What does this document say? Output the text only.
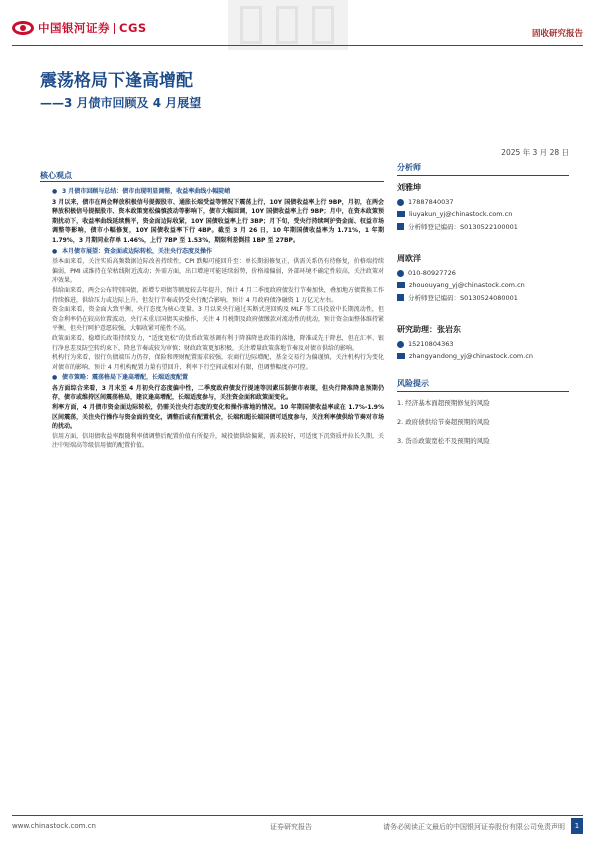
中国银河证券 CGS	固收研究报告
震荡格局下逢高增配
——3 月债市回顾及 4 月展望
2025 年 3 月 28 日
核心观点
● 3 月债市回顾与总结：债市由现明显调整，收益率曲线小幅陡峭

3 月以来，债市在两会释放积极信号提振股市、通胀长端受益等情况下震荡上行，10Y 国债收益率上行 9BP，月初，在两会释放积极信号提振股市、资本政策宽松偏慎波动等影响下，债市大幅回调，10Y 国债收益率上行 9BP；月中，在资本政策预期扰动下，收益率曲线延续熊平，资金面边际收紧，10Y 国债收益率上行 3BP；月下旬，受央行持续呵护资金面、权益市场调整等影响，债市小幅修复，10Y 国债收益率下行 4BP。截至 3 月 26 日，10 年期国债收益率为 1.71%，1 年期 1.79%，3 月期同业存单 1.46%，上行 7BP 至 1.53%，期限利差倒挂 1BP 至 27BP。

● 本月债市展望：资金面或边际转松，关注央行态度及操作

基本面来看，关注实质高频数据边际改善持续性，CPI 跌幅可能回升至：单长期弱修复正，供需关系仍有待修复，价格端持续偏弱，PMI 或维持在荣枯线附近波动；外需方面，出口增速可能延续弱势，价格端偏弱，外部环境不确定性较高，关注政策对冲效果。

供给面来看，两会公布特别国债、新增专项债等额度较去年提升，预计 4 月二季度政府债发行节奏加快，叠加地方债置换工作持续推进，供给压力或边际上升，但发行节奏或仍受央行配合影响，预计 4 月政府债净融资 1 万亿元左右。

资金面来看，资金面大致平衡，央行态度为核心变量。3 月以来央行通过买断式逆回购及 MLF 等工具投放中长期流动性，但资金利率仍在较高位置波动，央行未重启国债买卖操作，关注 4 月税期及政府债缴款对流动性的扰动，预计资金面整体维持紧平衡，但央行呵护意愿较强，大幅收紧可能性不高。

政策面来看，稳增长政策持续发力，“适度宽松”的货币政策基调有利于降准降息政策的落地，降准或先于降息，但在汇率、银行净息差及防空转约束下，降息节奏或较为审慎；财政政策更加积极，关注增量政策落地节奏及对债市供给的影响。

机构行为来看，银行负债端压力仍存，保险和理财配置需求较强，农商行边际增配，基金交易行为偏谨慎，关注机构行为变化对债市的影响，预计 4 月机构配置力量有望回升，利率下行空间或相对有限，但调整幅度亦可控。

● 债市策略：震荡格局下逢高增配，长端适度配置

各方面综合来看，3 月末至 4 月初央行态度偏中性，二季度政府债发行提速等因素压制债市表现，但央行降准降息预期仍存，债市或维持区间震荡格局，建议逢高增配，长端适度参与，关注资金面和政策面变化。

利率方面，4 月债市资金面边际转松，仍需关注央行态度的变化和操作落地的情况。10 年期国债收益率或在 1.7%-1.9% 区间震荡，关注央行操作与资金面的变化，调整后或有配置机会，长端和超长端国债可适度参与，关注利率债供给节奏对市场的扰动。

信用方面，信用债收益率跟随利率债调整后配置价值有所提升，城投债供给偏紧，需求较好，可适度下沉资质并拉长久期，关注中短端高等级信用债的配置价值。

分析师
刘雅坤
17887840037
liuyakun_yj@chinastock.com.cn
分析师登记编码：S0130522100001
周欧洋
010-80927726
zhououyang_yj@chinastock.com.cn
分析师登记编码：S0130524080001
研究助理：张岩东
15210804363
zhangyandong_yj@chinastock.com.cn
风险提示
1. 经济基本面超预期修复的风险
2. 政府债供给节奏超预期的风险
3. 货币政策宽松不及预期的风险
www.chinastock.com.cn	证券研究报告	请务必阅读正文最后的中国银河证券股份有限公司免责声明	1
